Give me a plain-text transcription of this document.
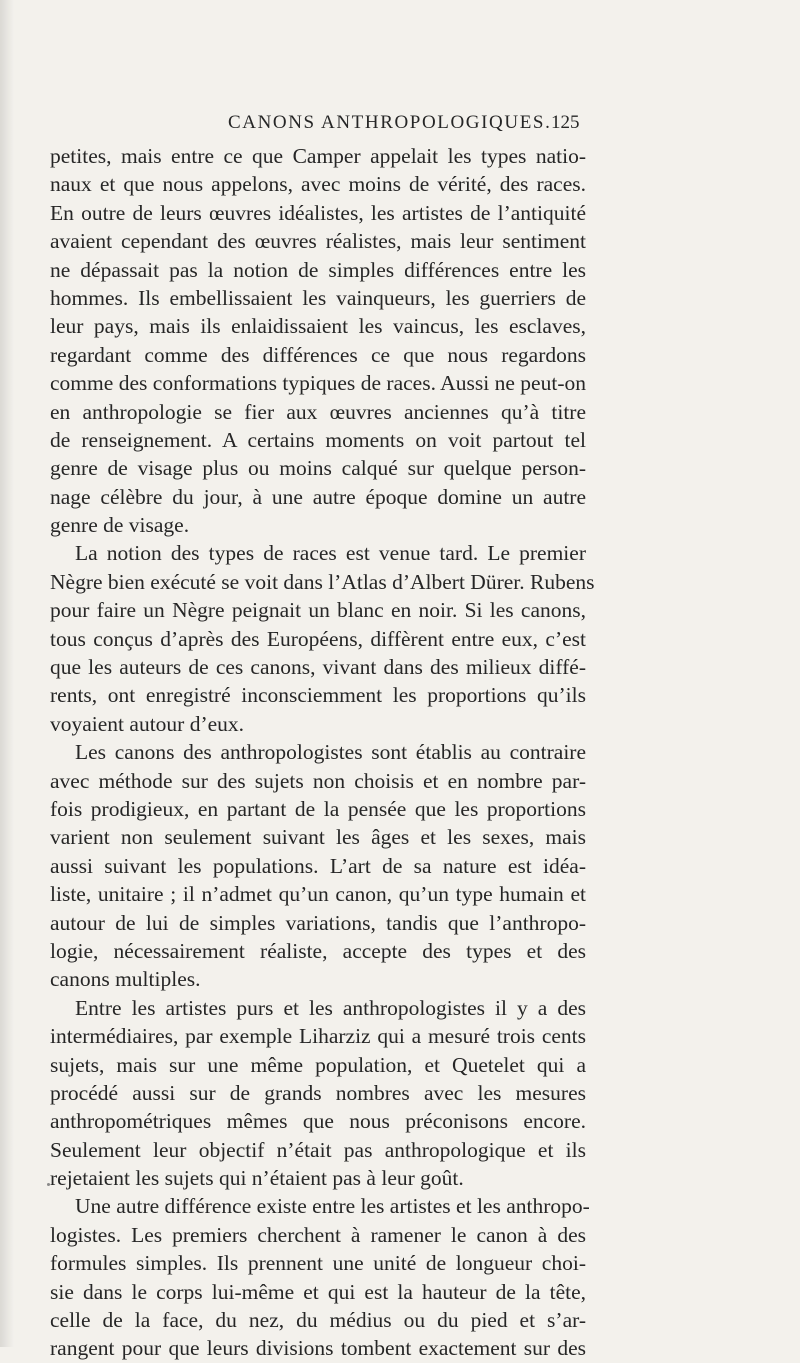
CANONS ANTHROPOLOGIQUES. 125
petites, mais entre ce que Camper appelait les types natio-
naux et que nous appelons, avec moins de vérité, des races.
En outre de leurs œuvres idéalistes, les artistes de l’antiquité
avaient cependant des œuvres réalistes, mais leur sentiment
ne dépassait pas la notion de simples différences entre les
hommes. Ils embellissaient les vainqueurs, les guerriers de
leur pays, mais ils enlaidissaient les vaincus, les esclaves,
regardant comme des différences ce que nous regardons
comme des conformations typiques de races. Aussi ne peut-on
en anthropologie se fier aux œuvres anciennes qu’à titre
de renseignement. A certains moments on voit partout tel
genre de visage plus ou moins calqué sur quelque person-
nage célèbre du jour, à une autre époque domine un autre
genre de visage.
La notion des types de races est venue tard. Le premier
Nègre bien exécuté se voit dans l’Atlas d’Albert Dürer. Rubens
pour faire un Nègre peignait un blanc en noir. Si les canons,
tous conçus d’après des Européens, diffèrent entre eux, c’est
que les auteurs de ces canons, vivant dans des milieux diffé-
rents, ont enregistré inconsciemment les proportions qu’ils
voyaient autour d’eux.
Les canons des anthropologistes sont établis au contraire
avec méthode sur des sujets non choisis et en nombre par-
fois prodigieux, en partant de la pensée que les proportions
varient non seulement suivant les âges et les sexes, mais
aussi suivant les populations. L’art de sa nature est idéa-
liste, unitaire ; il n’admet qu’un canon, qu’un type humain et
autour de lui de simples variations, tandis que l’anthropo-
logie, nécessairement réaliste, accepte des types et des
canons multiples.
Entre les artistes purs et les anthropologistes il y a des
intermédiaires, par exemple Liharziz qui a mesuré trois cents
sujets, mais sur une même population, et Quetelet qui a
procédé aussi sur de grands nombres avec les mesures
anthropométriques mêmes que nous préconisons encore.
Seulement leur objectif n’était pas anthropologique et ils
rejetaient les sujets qui n’étaient pas à leur goût.
Une autre différence existe entre les artistes et les anthropo-
logistes. Les premiers cherchent à ramener le canon à des
formules simples. Ils prennent une unité de longueur choi-
sie dans le corps lui-même et qui est la hauteur de la tête,
celle de la face, du nez, du médius ou du pied et s’ar-
rangent pour que leurs divisions tombent exactement sur des
